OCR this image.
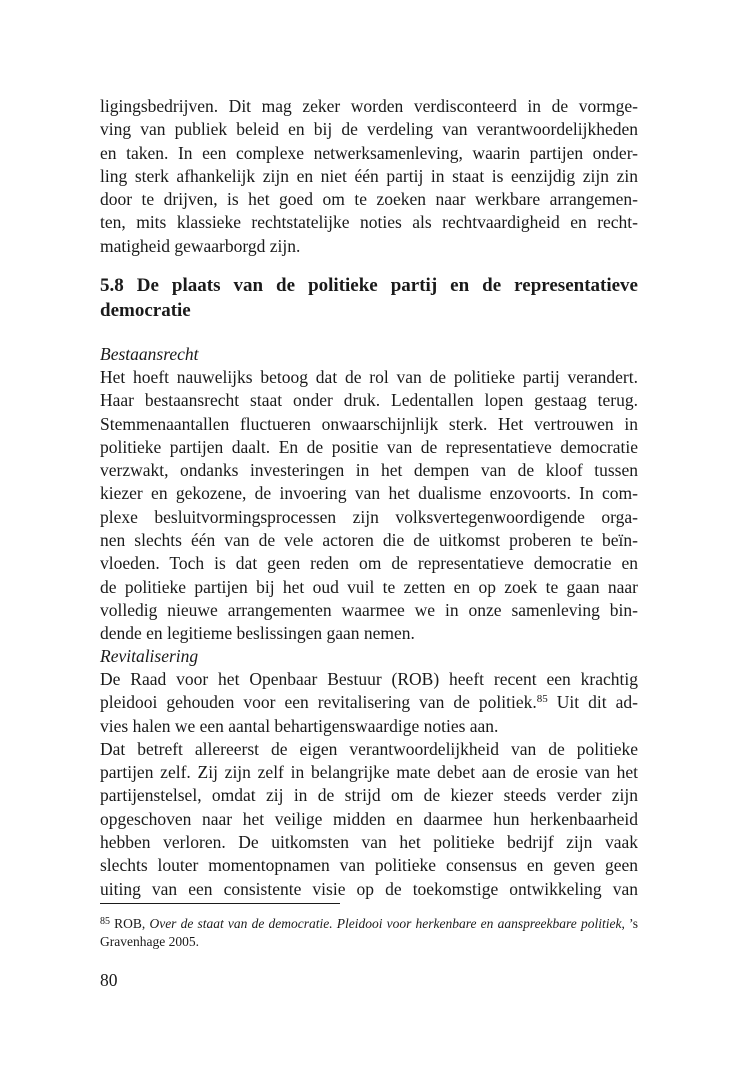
ligingsbedrijven. Dit mag zeker worden verdisconteerd in de vormge-
ving van publiek beleid en bij de verdeling van verantwoordelijkheden
en taken. In een complexe netwerksamenleving, waarin partijen onder-
ling sterk afhankelijk zijn en niet één partij in staat is eenzijdig zijn zin
door te drijven, is het goed om te zoeken naar werkbare arrangemen-
ten, mits klassieke rechtstatelijke noties als rechtvaardigheid en recht-
matigheid gewaarborgd zijn.
5.8 De plaats van de politieke partij en de representatieve
democratie
Bestaansrecht
Het hoeft nauwelijks betoog dat de rol van de politieke partij verandert.
Haar bestaansrecht staat onder druk. Ledentallen lopen gestaag terug.
Stemmenaantallen fluctueren onwaarschijnlijk sterk. Het vertrouwen in
politieke partijen daalt. En de positie van de representatieve democratie
verzwakt, ondanks investeringen in het dempen van de kloof tussen
kiezer en gekozene, de invoering van het dualisme enzovoorts. In com-
plexe besluitvormingsprocessen zijn volksvertegenwoordigende orga-
nen slechts één van de vele actoren die de uitkomst proberen te beïn-
vloeden. Toch is dat geen reden om de representatieve democratie en
de politieke partijen bij het oud vuil te zetten en op zoek te gaan naar
volledig nieuwe arrangementen waarmee we in onze samenleving bin-
dende en legitieme beslissingen gaan nemen.
Revitalisering
De Raad voor het Openbaar Bestuur (ROB) heeft recent een krachtig
pleidooi gehouden voor een revitalisering van de politiek.$^{85}$ Uit dit ad-
vies halen we een aantal behartigenswaardige noties aan.
Dat betreft allereerst de eigen verantwoordelijkheid van de politieke
partijen zelf. Zij zijn zelf in belangrijke mate debet aan de erosie van het
partijenstelsel, omdat zij in de strijd om de kiezer steeds verder zijn
opgeschoven naar het veilige midden en daarmee hun herkenbaarheid
hebben verloren. De uitkomsten van het politieke bedrijf zijn vaak
slechts louter momentopnamen van politieke consensus en geven geen
uiting van een consistente visie op de toekomstige ontwikkeling van
$^{85}$ ROB, Over de staat van de democratie. Pleidooi voor herkenbare en aanspreekbare politiek, ’s
Gravenhage 2005.
80
